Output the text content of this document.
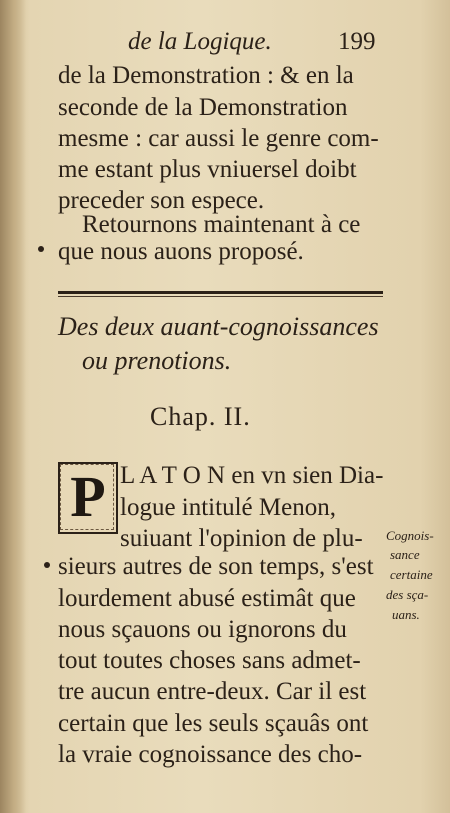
de la Logique.	199
de la Demonstration : & en la
seconde de la Demonstration
mesme : car aussi le genre com-
me estant plus vniuersel doibt
preceder son espece.
Retournons maintenant à ce
que nous auons proposé.
Des deux auant-cognoissances
ou prenotions.
Chap. II.
P L A T O N en vn sien Dia-
logue intitulé Menon,
suiuant l'opinion de plu-
sieurs autres de son temps, s'est
lourdement abusé estimât que
nous sçauons ou ignorons du
tout toutes choses sans admet-
tre aucun entre-deux. Car il est
certain que les seuls sçauâs ont
la vraie cognoissance des cho-
Cognois-
sance
certaine
des sça-
uans.
